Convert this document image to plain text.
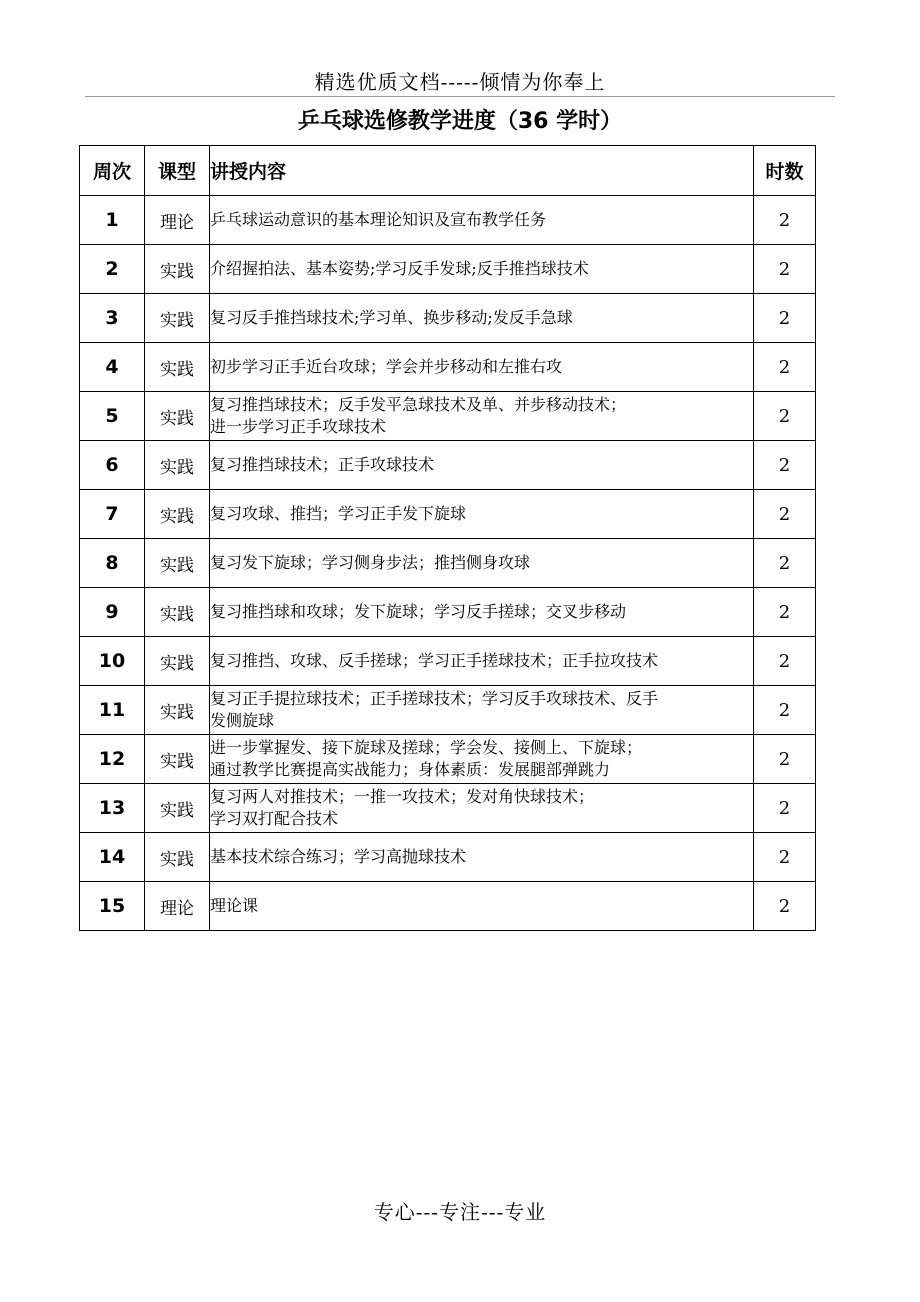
精选优质文档-----倾情为你奉上
乒乓球选修教学进度（36 学时）
周次	课型	讲授内容	时数
1	理论	乒乓球运动意识的基本理论知识及宣布教学任务	2
2	实践	介绍握拍法、基本姿势;学习反手发球;反手推挡球技术	2
3	实践	复习反手推挡球技术;学习单、换步移动;发反手急球	2
4	实践	初步学习正手近台攻球；学会并步移动和左推右攻	2
5	实践	复习推挡球技术；反手发平急球技术及单、并步移动技术；
进一步学习正手攻球技术	2
6	实践	复习推挡球技术；正手攻球技术	2
7	实践	复习攻球、推挡；学习正手发下旋球	2
8	实践	复习发下旋球；学习侧身步法；推挡侧身攻球	2
9	实践	复习推挡球和攻球；发下旋球；学习反手搓球；交叉步移动	2
10	实践	复习推挡、攻球、反手搓球；学习正手搓球技术；正手拉攻技术	2
11	实践	复习正手提拉球技术；正手搓球技术；学习反手攻球技术、反手
发侧旋球	2
12	实践	进一步掌握发、接下旋球及搓球；学会发、接侧上、下旋球；
通过教学比赛提高实战能力；身体素质：发展腿部弹跳力	2
13	实践	复习两人对推技术；一推一攻技术；发对角快球技术；
学习双打配合技术	2
14	实践	基本技术综合练习；学习高抛球技术	2
15	理论	理论课	2
专心---专注---专业
